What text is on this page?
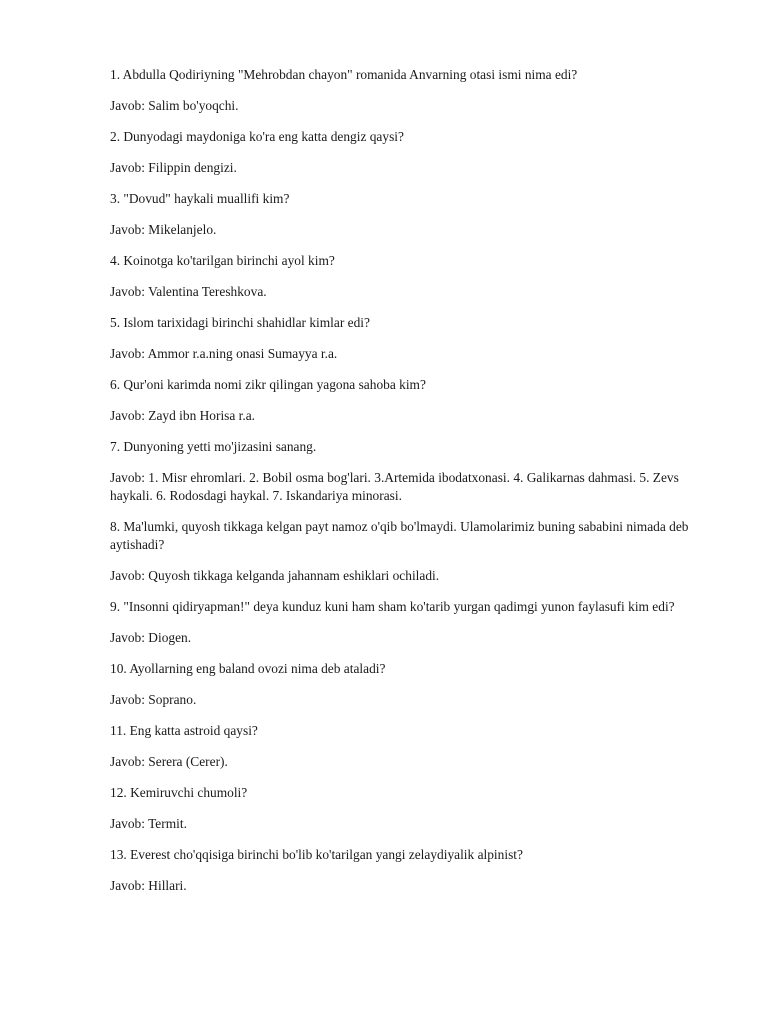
1. Abdulla Qodiriyning "Mehrobdan chayon" romanida Anvarning otasi ismi nima edi?

Javob: Salim bo'yoqchi.

2. Dunyodagi maydoniga ko'ra eng katta dengiz qaysi?

Javob: Filippin dengizi.

3. "Dovud" haykali muallifi kim?

Javob: Mikelanjelo.

4. Koinotga ko'tarilgan birinchi ayol kim?

Javob: Valentina Tereshkova.

5. Islom tarixidagi birinchi shahidlar kimlar edi?

Javob: Ammor r.a.ning onasi Sumayya r.a.

6. Qur'oni karimda nomi zikr qilingan yagona sahoba kim?

Javob: Zayd ibn Horisa r.a.

7. Dunyoning yetti mo'jizasini sanang.

Javob: 1. Misr ehromlari. 2. Bobil osma bog'lari. 3.Artemida ibodatxonasi. 4. Galikarnas dahmasi. 5. Zevs haykali. 6. Rodosdagi haykal. 7. Iskandariya minorasi.

8. Ma'lumki, quyosh tikkaga kelgan payt namoz o'qib bo'lmaydi. Ulamolarimiz buning sababini nimada deb aytishadi?

Javob: Quyosh tikkaga kelganda jahannam eshiklari ochiladi.

9. "Insonni qidiryapman!" deya kunduz kuni ham sham ko'tarib yurgan qadimgi yunon faylasufi kim edi?

Javob: Diogen.

10. Ayollarning eng baland ovozi nima deb ataladi?

Javob: Soprano.

11. Eng katta astroid qaysi?

Javob: Serera (Cerer).

12. Kemiruvchi chumoli?

Javob: Termit.

13. Everest cho'qqisiga birinchi bo'lib ko'tarilgan yangi zelaydiyalik alpinist?

Javob: Hillari.
